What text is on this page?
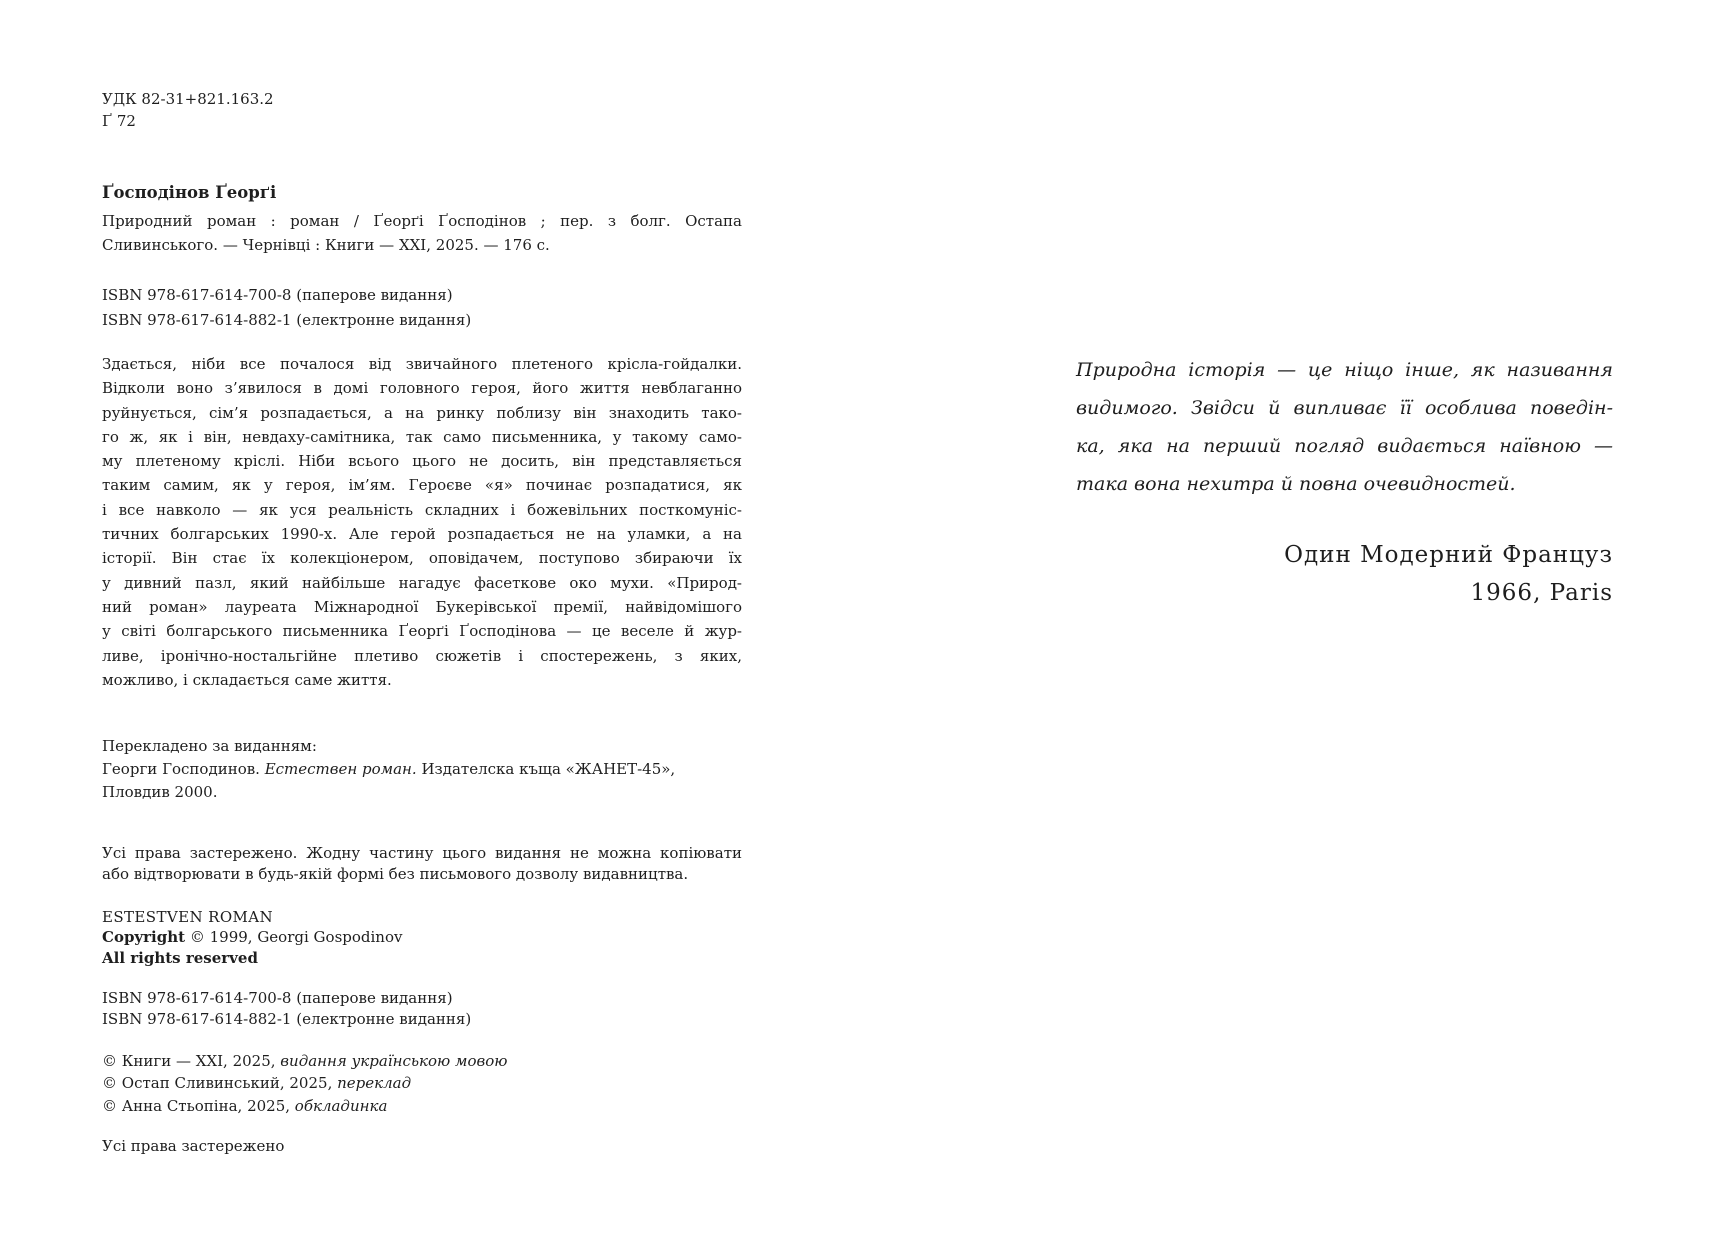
УДК 82-31+821.163.2
Ґ 72
Ґосподінов Ґеорґі
Природний роман : роман / Ґеорґі Ґосподінов ; пер. з болг. Остапа
Сливинського. — Чернівці : Книги — XXI, 2025. — 176 с.
ISBN 978-617-614-700-8 (паперове видання)
ISBN 978-617-614-882-1 (електронне видання)
Здається, ніби все почалося від звичайного плетеного крісла-гойдалки.
Відколи воно з’явилося в домі головного героя, його життя невблаганно
руйнується, сім’я розпадається, а на ринку поблизу він знаходить тако-
го ж, як і він, невдаху-самітника, так само письменника, у такому само-
му плетеному кріслі. Ніби всього цього не досить, він представляється
таким самим, як у героя, ім’ям. Героєве «я» починає розпадатися, як
і все навколо — як уся реальність складних і божевільних посткомуніс-
тичних болгарських 1990-х. Але герой розпадається не на уламки, а на
історії. Він стає їх колекціонером, оповідачем, поступово збираючи їх
у дивний пазл, який найбільше нагадує фасеткове око мухи. «Природ-
ний роман» лауреата Міжнародної Букерівської премії, найвідомішого
у світі болгарського письменника Ґеорґі Ґосподінова — це веселе й жур-
ливе, іронічно-ностальгійне плетиво сюжетів і спостережень, з яких,
можливо, і складається саме життя.
Перекладено за виданням:
Георги Господинов. Естествен роман. Издателска къща «ЖАНЕТ-45»,
Пловдив 2000.
Усі права застережено. Жодну частину цього видання не можна копіювати
або відтворювати в будь-якій формі без письмового дозволу видавництва.
ESTESTVEN ROMAN
Copyright © 1999, Georgi Gospodinov
All rights reserved
ISBN 978-617-614-700-8 (паперове видання)
ISBN 978-617-614-882-1 (електронне видання)
© Книги — XXI, 2025, видання українською мовою
© Остап Сливинський, 2025, переклад
© Анна Стьопіна, 2025, обкладинка
Усі права застережено
Природна історія — це ніщо інше, як називання
видимого. Звідси й випливає її особлива поведін-
ка, яка на перший погляд видається наївною —
така вона нехитра й повна очевидностей.
Один Модерний Француз
1966, Paris
